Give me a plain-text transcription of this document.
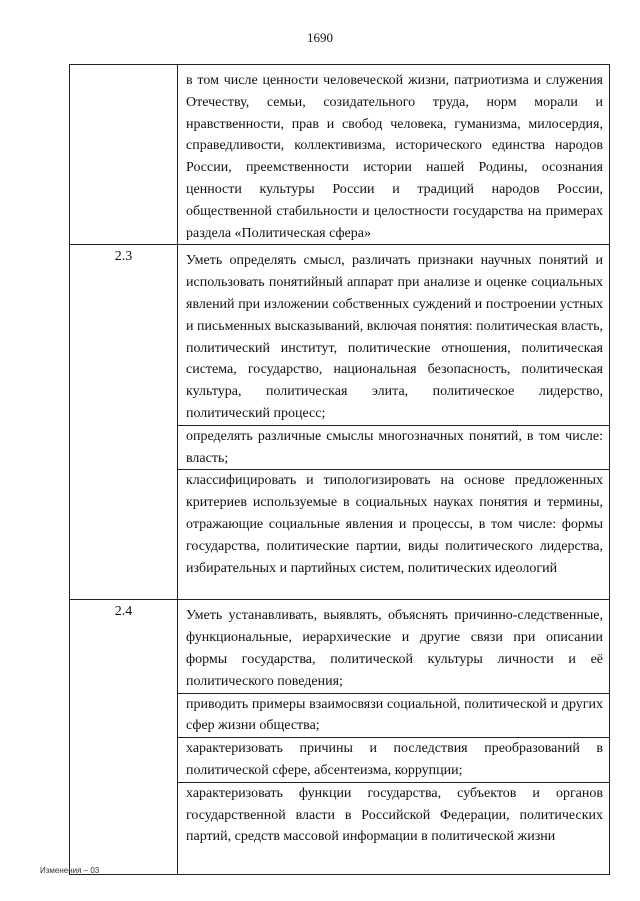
1690

	в том числе ценности человеческой жизни, патриотизма и служения Отечеству, семьи, созидательного труда, норм морали и нравственности, прав и свобод человека, гуманизма, милосердия, справедливости, коллективизма, исторического единства народов России, преемственности истории нашей Родины, осознания ценности культуры России и традиций народов России, общественной стабильности и целостности государства на примерах раздела «Политическая сфера»

2.3	Уметь определять смысл, различать признаки научных понятий и использовать понятийный аппарат при анализе и оценке социальных явлений при изложении собственных суждений и построении устных и письменных высказываний, включая понятия: политическая власть, политический институт, политические отношения, политическая система, государство, национальная безопасность, политическая культура, политическая элита, политическое лидерство, политический процесс;
определять различные смыслы многозначных понятий, в том числе: власть;
классифицировать и типологизировать на основе предложенных критериев используемые в социальных науках понятия и термины, отражающие социальные явления и процессы, в том числе: формы государства, политические партии, виды политического лидерства, избирательных и партийных систем, политических идеологий

2.4	Уметь устанавливать, выявлять, объяснять причинно-следственные, функциональные, иерархические и другие связи при описании формы государства, политической культуры личности и её политического поведения;
приводить примеры взаимосвязи социальной, политической и других сфер жизни общества;
характеризовать причины и последствия преобразований в политической сфере, абсентеизма, коррупции;
характеризовать функции государства, субъектов и органов государственной власти в Российской Федерации, политических партий, средств массовой информации в политической жизни
Изменения – 03
